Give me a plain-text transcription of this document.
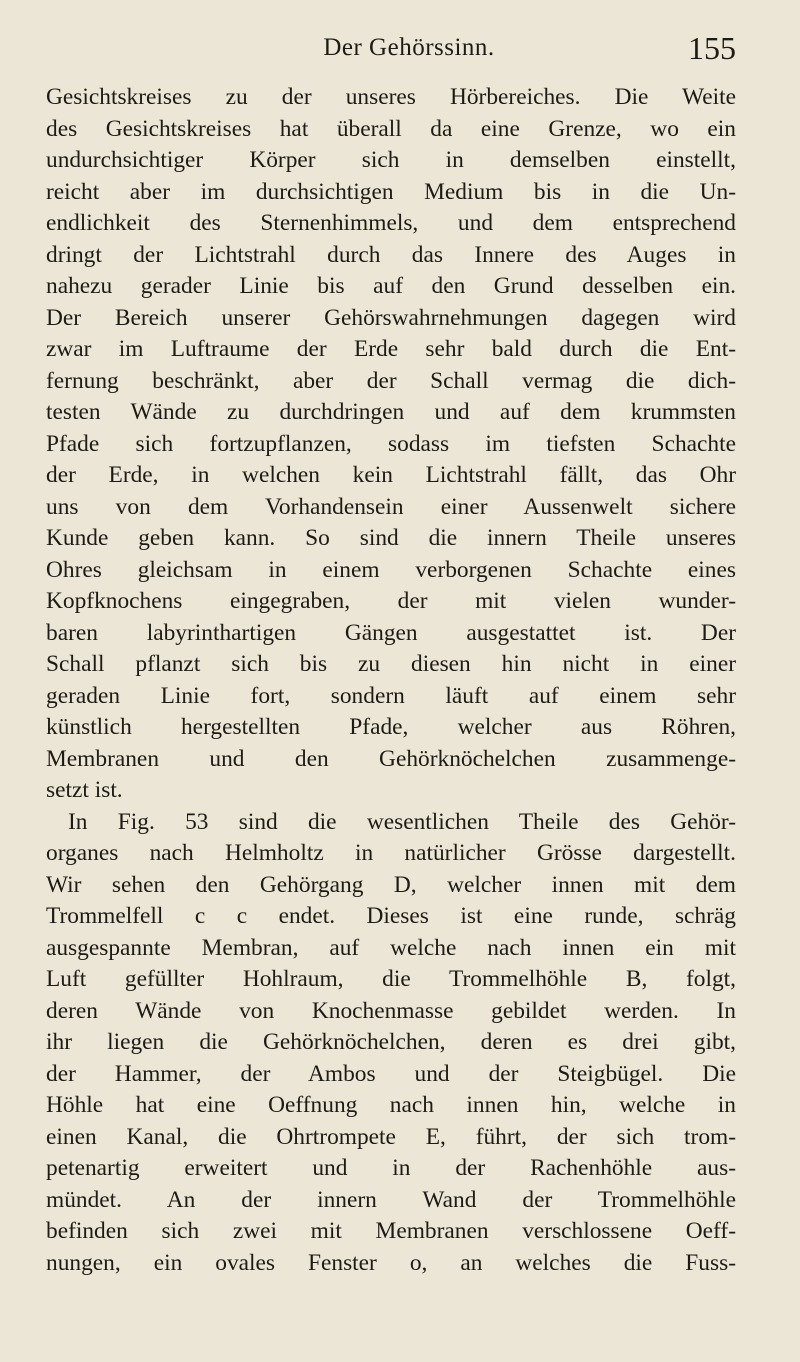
Der Gehörssinn.	155
Gesichtskreises zu der unseres Hörbereiches. Die Weite
des Gesichtskreises hat überall da eine Grenze, wo ein
undurchsichtiger Körper sich in demselben einstellt,
reicht aber im durchsichtigen Medium bis in die Un-
endlichkeit des Sternenhimmels, und dem entsprechend
dringt der Lichtstrahl durch das Innere des Auges in
nahezu gerader Linie bis auf den Grund desselben ein.
Der Bereich unserer Gehörswahrnehmungen dagegen wird
zwar im Luftraume der Erde sehr bald durch die Ent-
fernung beschränkt, aber der Schall vermag die dich-
testen Wände zu durchdringen und auf dem krummsten
Pfade sich fortzupflanzen, sodass im tiefsten Schachte
der Erde, in welchen kein Lichtstrahl fällt, das Ohr
uns von dem Vorhandensein einer Aussenwelt sichere
Kunde geben kann. So sind die innern Theile unseres
Ohres gleichsam in einem verborgenen Schachte eines
Kopfknochens eingegraben, der mit vielen wunder-
baren labyrinthartigen Gängen ausgestattet ist. Der
Schall pflanzt sich bis zu diesen hin nicht in einer
geraden Linie fort, sondern läuft auf einem sehr
künstlich hergestellten Pfade, welcher aus Röhren,
Membranen und den Gehörknöchelchen zusammenge-
setzt ist.
In Fig. 53 sind die wesentlichen Theile des Gehör-
organes nach Helmholtz in natürlicher Grösse dargestellt.
Wir sehen den Gehörgang D, welcher innen mit dem
Trommelfell c c endet. Dieses ist eine runde, schräg
ausgespannte Membran, auf welche nach innen ein mit
Luft gefüllter Hohlraum, die Trommelhöhle B, folgt,
deren Wände von Knochenmasse gebildet werden. In
ihr liegen die Gehörknöchelchen, deren es drei gibt,
der Hammer, der Ambos und der Steigbügel. Die
Höhle hat eine Oeffnung nach innen hin, welche in
einen Kanal, die Ohrtrompete E, führt, der sich trom-
petenartig erweitert und in der Rachenhöhle aus-
mündet. An der innern Wand der Trommelhöhle
befinden sich zwei mit Membranen verschlossene Oeff-
nungen, ein ovales Fenster o, an welches die Fuss-
